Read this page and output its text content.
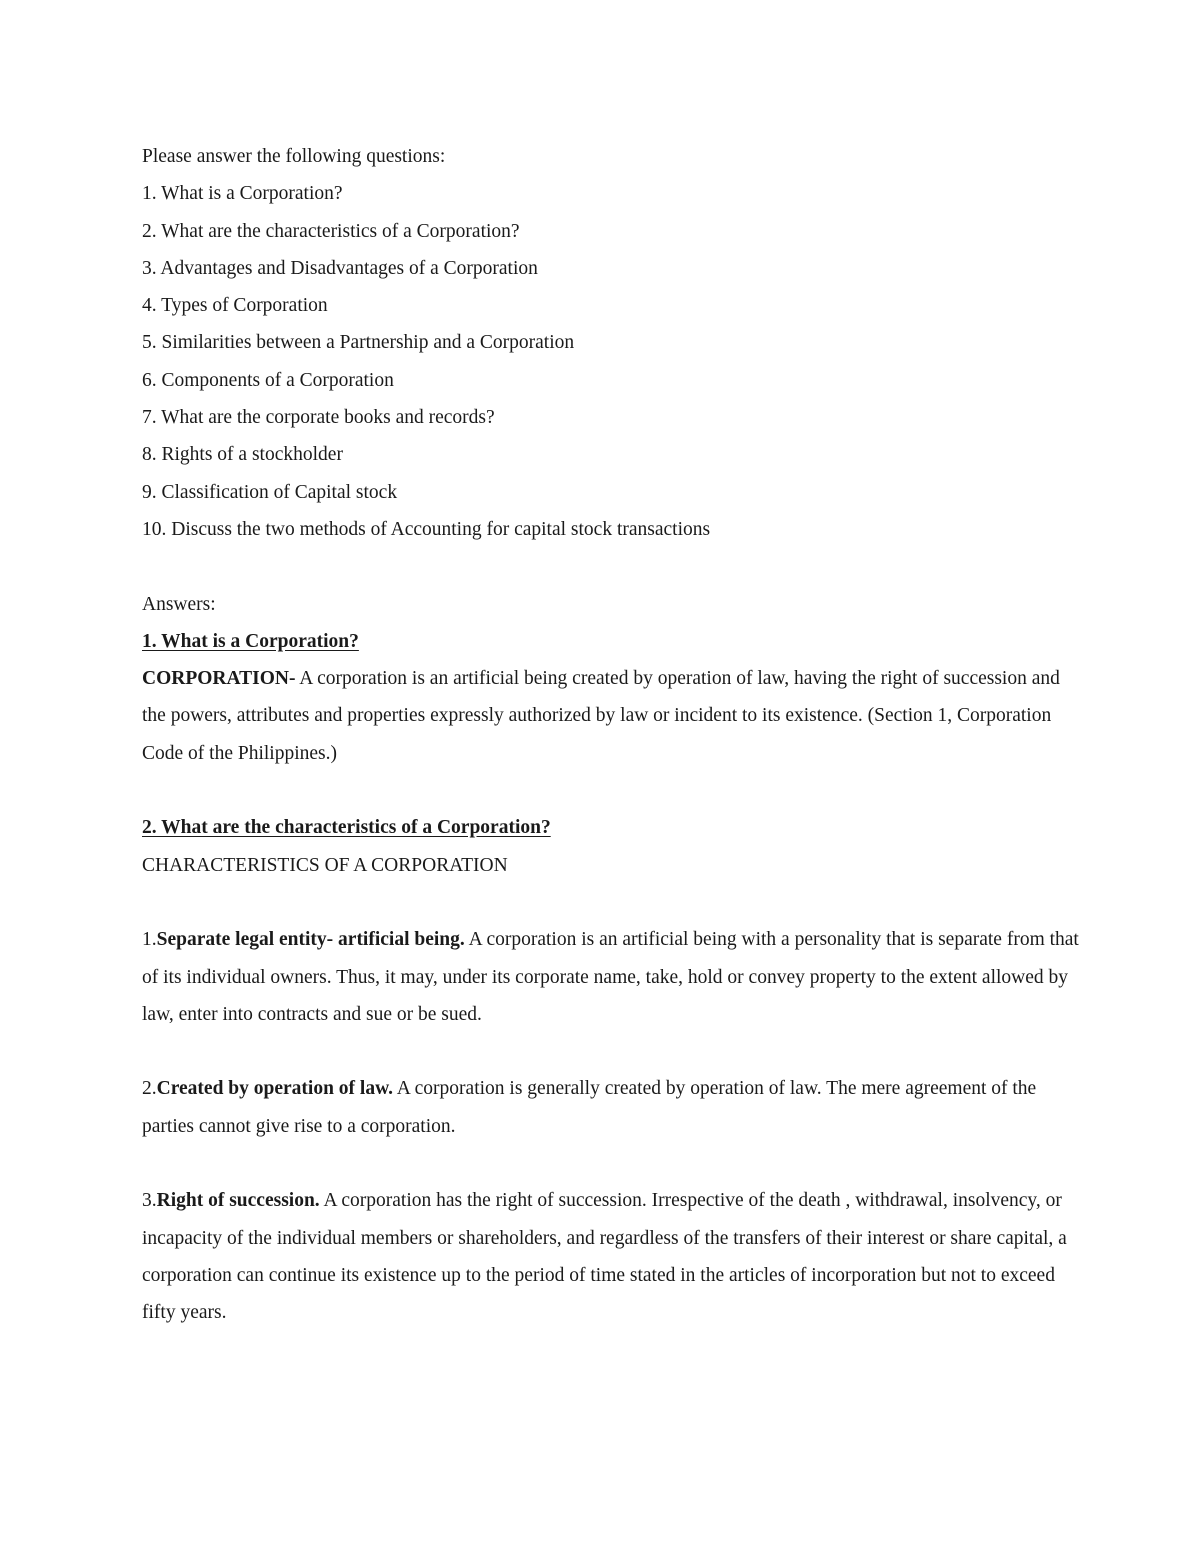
Please answer the following questions:
1. What is a Corporation?
2. What are the characteristics of a Corporation?
3. Advantages and Disadvantages of a Corporation
4. Types of Corporation
5. Similarities between a Partnership and a Corporation
6. Components of a Corporation
7. What are the corporate books and records?
8. Rights of a stockholder
9. Classification of Capital stock
10. Discuss the two methods of Accounting for capital stock transactions
Answers:
1. What is a Corporation?

CORPORATION- A corporation is an artificial being created by operation of law, having the right of succession and the powers, attributes and properties expressly authorized by law or incident to its existence. (Section 1, Corporation Code of the Philippines.)

2. What are the characteristics of a Corporation?
CHARACTERISTICS OF A CORPORATION

1.Separate legal entity- artificial being. A corporation is an artificial being with a personality that is separate from that of its individual owners. Thus, it may, under its corporate name, take, hold or convey property to the extent allowed by law, enter into contracts and sue or be sued.

2.Created by operation of law. A corporation is generally created by operation of law. The mere agreement of the parties cannot give rise to a corporation.

3.Right of succession. A corporation has the right of succession. Irrespective of the death , withdrawal, insolvency, or incapacity of the individual members or shareholders, and regardless of the transfers of their interest or share capital, a corporation can continue its existence up to the period of time stated in the articles of incorporation but not to exceed fifty years.
